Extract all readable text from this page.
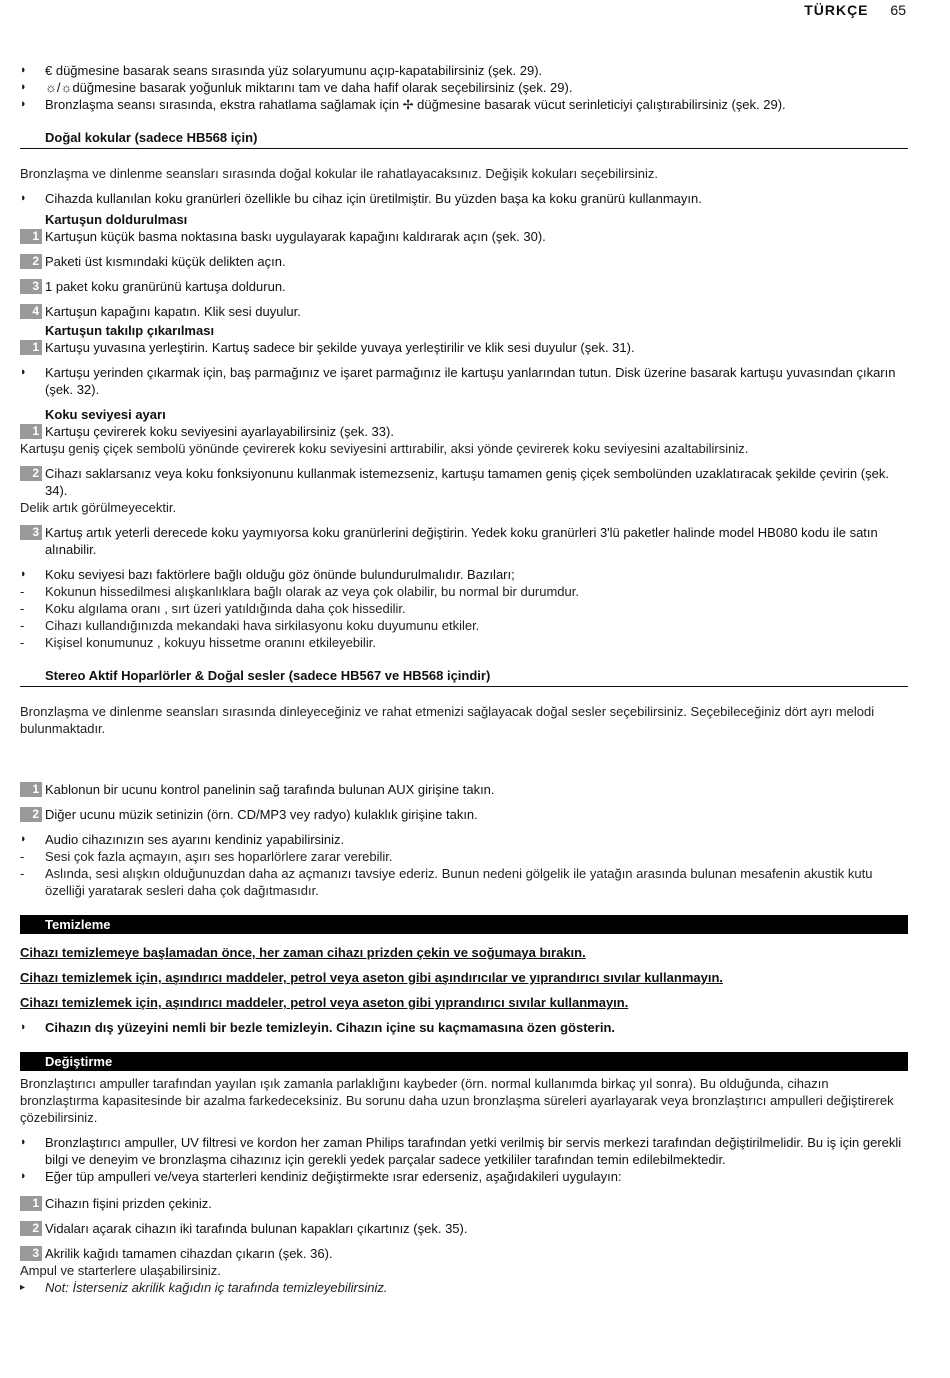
TÜRKÇE 65
◗ € düğmesine basarak seans sırasında yüz solaryumunu açıp-kapatabilirsiniz (şek. 29).
◗ ☼/☼düğmesine basarak yoğunluk miktarını tam ve daha hafif olarak seçebilirsiniz (şek. 29).
◗ Bronzlaşma seansı sırasında, ekstra rahatlama sağlamak için ✢ düğmesine basarak vücut serinleticiyi çalıştırabilirsiniz (şek. 29).
Doğal kokular (sadece HB568 için)
Bronzlaşma ve dinlenme seansları sırasında doğal kokular ile rahatlayacaksınız. Değişik kokuları seçebilirsiniz.
◗ Cihazda kullanılan koku granürleri özellikle bu cihaz için üretilmiştir. Bu yüzden başa ka koku granürü kullanmayın.
Kartuşun doldurulması
1 Kartuşun küçük basma noktasına baskı uygulayarak kapağını kaldırarak açın (şek. 30).
2 Paketi üst kısmındaki küçük delikten açın.
3 1 paket koku granürünü kartuşa doldurun.
4 Kartuşun kapağını kapatın. Klik sesi duyulur.
Kartuşun takılıp çıkarılması
1 Kartuşu yuvasına yerleştirin. Kartuş sadece bir şekilde yuvaya yerleştirilir ve klik sesi duyulur (şek. 31).
◗ Kartuşu yerinden çıkarmak için, baş parmağınız ve işaret parmağınız ile kartuşu yanlarından tutun. Disk üzerine basarak kartuşu yuvasından çıkarın (şek. 32).
Koku seviyesi ayarı
1 Kartuşu çevirerek koku seviyesini ayarlayabilirsiniz (şek. 33).
Kartuşu geniş çiçek sembolü yönünde çevirerek koku seviyesini arttırabilir, aksi yönde çevirerek koku seviyesini azaltabilirsiniz.
2 Cihazı saklarsanız veya koku fonksiyonunu kullanmak istemezseniz, kartuşu tamamen geniş çiçek sembolünden uzaklatıracak şekilde çevirin (şek. 34).
Delik artık görülmeyecektir.
3 Kartuş artık yeterli derecede koku yaymıyorsa koku granürlerini değiştirin. Yedek koku granürleri 3'lü paketler halinde model HB080 kodu ile satın alınabilir.
◗ Koku seviyesi bazı faktörlere bağlı olduğu göz önünde bulundurulmalıdır. Bazıları;
- Kokunun hissedilmesi alışkanlıklara bağlı olarak az veya çok olabilir, bu normal bir durumdur.
- Koku algılama oranı , sırt üzeri yatıldığında daha çok hissedilir.
- Cihazı kullandığınızda mekandaki hava sirkilasyonu koku duyumunu etkiler.
- Kişisel konumunuz , kokuyu hissetme oranını etkileyebilir.
Stereo Aktif Hoparlörler & Doğal sesler (sadece HB567 ve HB568 içindir)
Bronzlaşma ve dinlenme seansları sırasında dinleyeceğiniz ve rahat etmenizi sağlayacak doğal sesler seçebilirsiniz. Seçebileceğiniz dört ayrı melodi bulunmaktadır.
1 Kablonun bir ucunu kontrol panelinin sağ tarafında bulunan AUX girişine takın.
2 Diğer ucunu müzik setinizin (örn. CD/MP3 vey radyo) kulaklık girişine takın.
◗ Audio cihazınızın ses ayarını kendiniz yapabilirsiniz.
- Sesi çok fazla açmayın, aşırı ses hoparlörlere zarar verebilir.
- Aslında, sesi alışkın olduğunuzdan daha az açmanızı tavsiye ederiz. Bunun nedeni gölgelik ile yatağın arasında bulunan mesafenin akustik kutu özelliği yaratarak sesleri daha çok dağıtmasıdır.
Temizleme
Cihazı temizlemeye başlamadan önce, her zaman cihazı prizden çekin ve soğumaya bırakın.
Cihazı temizlemek için, aşındırıcı maddeler, petrol veya aseton gibi aşındırıcılar ve yıprandırıcı sıvılar kullanmayın.
Cihazı temizlemek için, aşındırıcı maddeler, petrol veya aseton gibi yıprandırıcı sıvılar kullanmayın.
◗ Cihazın dış yüzeyini nemli bir bezle temizleyin. Cihazın içine su kaçmamasına özen gösterin.
Değiştirme
Bronzlaştırıcı ampuller tarafından yayılan ışık zamanla parlaklığını kaybeder (örn. normal kullanımda birkaç yıl sonra). Bu olduğunda, cihazın bronzlaştırma kapasitesinde bir azalma farkedeceksiniz. Bu sorunu daha uzun bronzlaşma süreleri ayarlayarak veya bronzlaştırıcı ampulleri değiştirerek çözebilirsiniz.
◗ Bronzlaştırıcı ampuller, UV filtresi ve kordon her zaman Philips tarafından yetki verilmiş bir servis merkezi tarafından değiştirilmelidir. Bu iş için gerekli bilgi ve deneyim ve bronzlaşma cihazınız için gerekli yedek parçalar sadece yetkililer tarafından temin edilebilmektedir.
◗ Eğer tüp ampulleri ve/veya starterleri kendiniz değiştirmekte ısrar ederseniz, aşağıdakileri uygulayın:
1 Cihazın fişini prizden çekiniz.
2 Vidaları açarak cihazın iki tarafında bulunan kapakları çıkartınız (şek. 35).
3 Akrilik kağıdı tamamen cihazdan çıkarın (şek. 36).
Ampul ve starterlere ulaşabilirsiniz.
▸ Not: İsterseniz akrilik kağıdın iç tarafında temizleyebilirsiniz.
